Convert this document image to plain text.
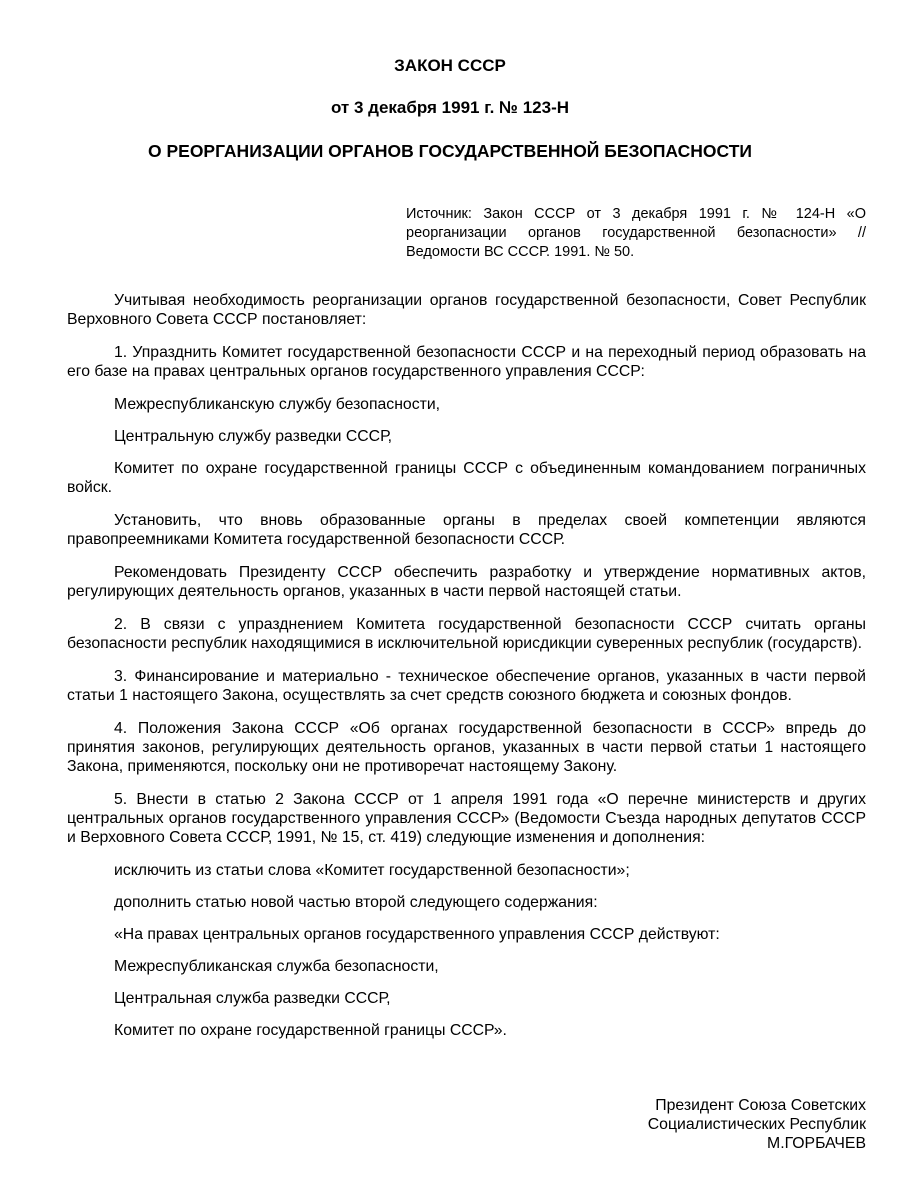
ЗАКОН СССР
от 3 декабря 1991 г. № 123-Н
О РЕОРГАНИЗАЦИИ ОРГАНОВ ГОСУДАРСТВЕННОЙ БЕЗОПАСНОСТИ

Источник: Закон СССР от 3 декабря 1991 г. № 124-Н «О реорганизации органов государственной безопасности» // Ведомости ВС СССР. 1991. № 50.

Учитывая необходимость реорганизации органов государственной безопасности, Совет Республик Верховного Совета СССР постановляет:

1. Упразднить Комитет государственной безопасности СССР и на переходный период образовать на его базе на правах центральных органов государственного управления СССР:

Межреспубликанскую службу безопасности,

Центральную службу разведки СССР,

Комитет по охране государственной границы СССР с объединенным командованием пограничных войск.

Установить, что вновь образованные органы в пределах своей компетенции являются правопреемниками Комитета государственной безопасности СССР.

Рекомендовать Президенту СССР обеспечить разработку и утверждение нормативных актов, регулирующих деятельность органов, указанных в части первой настоящей статьи.

2. В связи с упразднением Комитета государственной безопасности СССР считать органы безопасности республик находящимися в исключительной юрисдикции суверенных республик (государств).

3. Финансирование и материально - техническое обеспечение органов, указанных в части первой статьи 1 настоящего Закона, осуществлять за счет средств союзного бюджета и союзных фондов.

4. Положения Закона СССР «Об органах государственной безопасности в СССР» впредь до принятия законов, регулирующих деятельность органов, указанных в части первой статьи 1 настоящего Закона, применяются, поскольку они не противоречат настоящему Закону.

5. Внести в статью 2 Закона СССР от 1 апреля 1991 года «О перечне министерств и других центральных органов государственного управления СССР» (Ведомости Съезда народных депутатов СССР и Верховного Совета СССР, 1991, № 15, ст. 419) следующие изменения и дополнения:

исключить из статьи слова «Комитет государственной безопасности»;

дополнить статью новой частью второй следующего содержания:

«На правах центральных органов государственного управления СССР действуют:

Межреспубликанская служба безопасности,

Центральная служба разведки СССР,

Комитет по охране государственной границы СССР».

Президент Союза Советских
Социалистических Республик
М.ГОРБАЧЕВ
